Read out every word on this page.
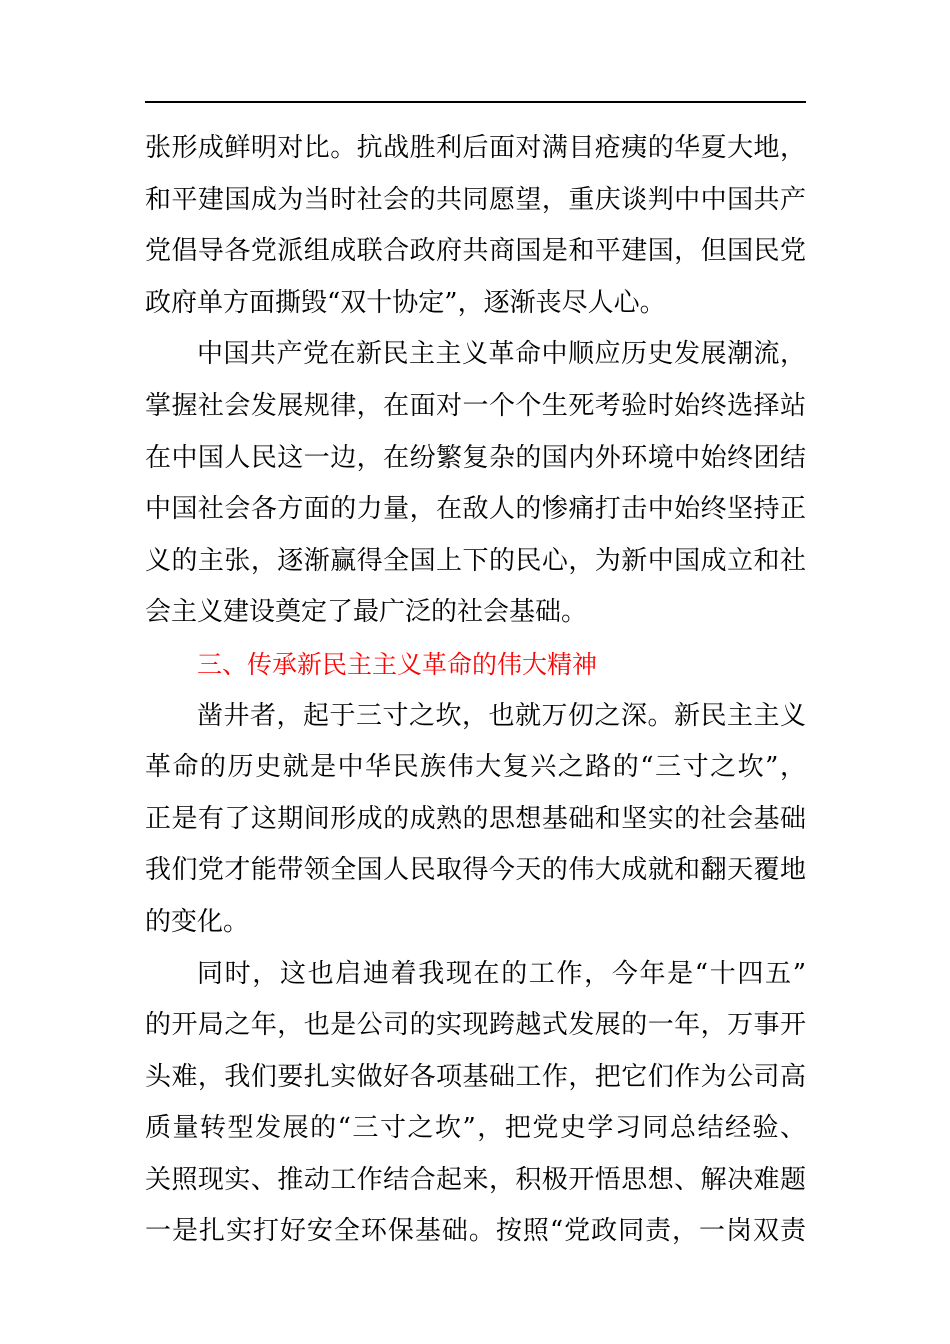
张形成鲜明对比。抗战胜利后面对满目疮痍的华夏大地，
和平建国成为当时社会的共同愿望，重庆谈判中中国共产
党倡导各党派组成联合政府共商国是和平建国，但国民党
政府单方面撕毁“双十协定”，逐渐丧尽人心。
中国共产党在新民主主义革命中顺应历史发展潮流，
掌握社会发展规律，在面对一个个生死考验时始终选择站
在中国人民这一边，在纷繁复杂的国内外环境中始终团结
中国社会各方面的力量，在敌人的惨痛打击中始终坚持正
义的主张，逐渐赢得全国上下的民心，为新中国成立和社
会主义建设奠定了最广泛的社会基础。
三、传承新民主主义革命的伟大精神
凿井者，起于三寸之坎，也就万仞之深。新民主主义
革命的历史就是中华民族伟大复兴之路的“三寸之坎”，
正是有了这期间形成的成熟的思想基础和坚实的社会基础
我们党才能带领全国人民取得今天的伟大成就和翻天覆地
的变化。
同时，这也启迪着我现在的工作，今年是“十四五”
的开局之年，也是公司的实现跨越式发展的一年，万事开
头难，我们要扎实做好各项基础工作，把它们作为公司高
质量转型发展的“三寸之坎”，把党史学习同总结经验、
关照现实、推动工作结合起来，积极开悟思想、解决难题
一是扎实打好安全环保基础。按照“党政同责，一岗双责
